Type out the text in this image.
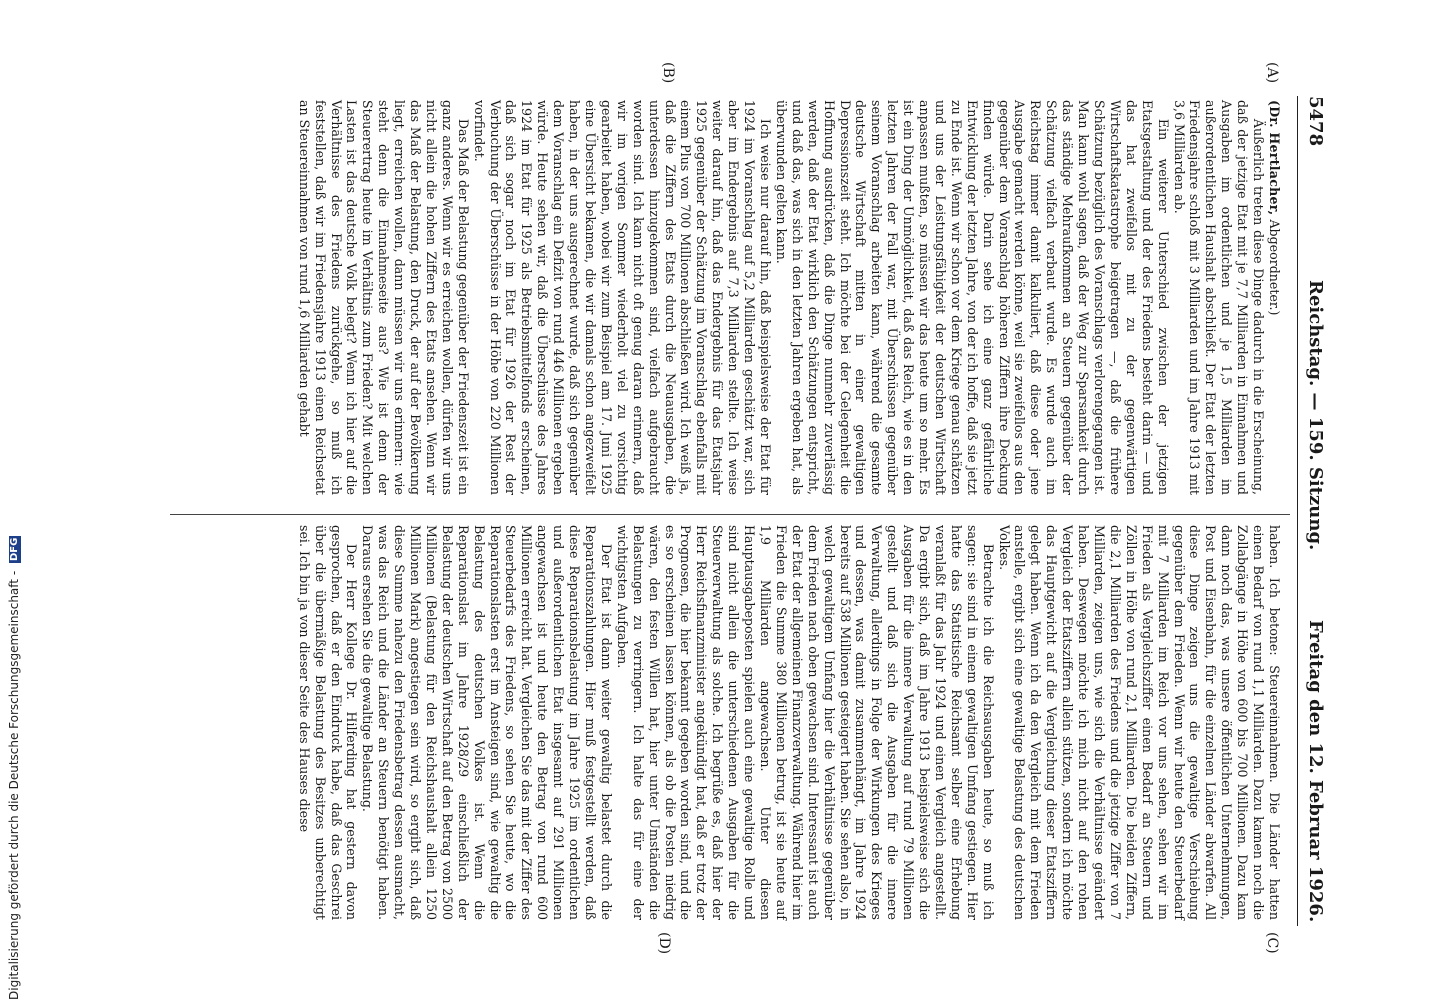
5478
Reichstag. — 159. Sitzung.
Freitag den 12. Februar 1926.
(A)
(B)
(C)
(D)

(Dr. Hertlacher, Abgeordneter.)

Äußerlich treten diese Dinge dadurch in die Erscheinung, daß der jetzige Etat mit je 7,7 Milliarden in Einnahmen und Ausgaben im ordentlichen und je 1,5 Milliarden im außerordentlichen Haushalt abschließt. Der Etat der letzten Friedensjahre schloß mit 3 Milliarden und im Jahre 1913 mit 3,6 Milliarden ab.

Ein weiterer Unterschied zwischen der jetzigen Etatsgestaltung und der des Friedens besteht darin — und das hat zweifellos mit zu der gegenwärtigen Wirtschaftskatastrophe beigetragen —, daß die frühere Schätzung bezüglich des Voranschlags verlorengegangen ist. Man kann wohl sagen, daß der Weg zur Sparsamkeit durch das ständige Mehraufkommen an Steuern gegenüber der Schätzung vielfach verbaut wurde. Es wurde auch im Reichstag immer damit kalkuliert, daß diese oder jene Ausgabe gemacht werden könne, weil sie zweifellos aus den gegenüber dem Voranschlag höheren Ziffern ihre Deckung finden würde. Darin sehe ich eine ganz gefährliche Entwicklung der letzten Jahre, von der ich hoffe, daß sie jetzt zu Ende ist. Wenn wir schon vor dem Kriege genau schätzen und uns der Leistungsfähigkeit der deutschen Wirtschaft anpassen mußten, so müssen wir das heute um so mehr. Es ist ein Ding der Unmöglichkeit, daß das Reich, wie es in den letzten Jahren der Fall war, mit Überschüssen gegenüber seinem Voranschlag arbeiten kann, während die gesamte deutsche Wirtschaft mitten in einer gewaltigen Depressionszeit steht. Ich möchte bei der Gelegenheit die Hoffnung ausdrücken, daß die Dinge nunmehr zuverlässig werden, daß der Etat wirklich den Schätzungen entspricht, und daß das, was sich in den letzten Jahren ergeben hat, als überwunden gelten kann.

Ich weise nur darauf hin, daß beispielsweise der Etat für 1924 im Voranschlag auf 5,2 Milliarden geschätzt war, sich aber im Endergebnis auf 7,3 Milliarden stellte. Ich weise weiter darauf hin, daß das Endergebnis für das Etatsjahr 1925 gegenüber der Schätzung im Voranschlag ebenfalls mit einem Plus von 700 Millionen abschließen wird. Ich weiß ja, daß die Ziffern des Etats durch die Neuausgaben, die unterdessen hinzugekommen sind, vielfach aufgebraucht worden sind. Ich kann nicht oft genug daran erinnern, daß wir im vorigen Sommer wiederholt viel zu vorsichtig gearbeitet haben, wobei wir zum Beispiel am 17. Juni 1925 eine Übersicht bekamen, die wir damals schon angezweifelt haben, in der uns ausgerechnet wurde, daß sich gegenüber dem Voranschlag ein Defizit von rund 446 Millionen ergeben würde. Heute sehen wir, daß die Überschüsse des Jahres 1924 im Etat für 1925 als Betriebsmittelfonds erscheinen, daß sich sogar noch im Etat für 1926 der Rest der Verbuchung der Überschüsse in der Höhe von 220 Millionen vorfindet.

Das Maß der Belastung gegenüber der Friedenszeit ist ein ganz anderes. Wenn wir es erreichen wollen, dürfen wir uns nicht allein die hohen Ziffern des Etats ansehen. Wenn wir das Maß der Belastung, den Druck, der auf der Bevölkerung liegt, erreichen wollen, dann müssen wir uns erinnern: wie steht denn die Einnahmeseite aus? Wie ist denn der Steuerertrag heute im Verhältnis zum Frieden? Mit welchen Lasten ist das deutsche Volk belegt? Wenn ich hier auf die Verhältnisse des Friedens zurückgehe, so muß ich feststellen, daß wir im Friedensjahre 1913 einen Reichsetat an Steuereinnahmen von rund 1,6 Milliarden gehabt

haben. Ich betone: Steuereinnahmen. Die Länder hatten einen Bedarf von rund 1,1 Milliarden. Dazu kamen noch die Zollabgänge in Höhe von 600 bis 700 Millionen. Dazu kam dann noch das, was unsere öffentlichen Unternehmungen, Post und Eisenbahn, für die einzelnen Länder abwarfen. All diese Dinge zeigen uns die gewaltige Verschiebung gegenüber dem Frieden. Wenn wir heute den Steuerbedarf mit 7 Milliarden im Reich vor uns sehen, sehen wir im Frieden als Vergleichsziffer einen Bedarf an Steuern und Zöllen in Höhe von rund 2,1 Milliarden. Die beiden Ziffern, die 2,1 Milliarden des Friedens und die jetzige Ziffer von 7 Milliarden, zeigen uns, wie sich die Verhältnisse geändert haben. Deswegen möchte ich mich nicht auf den rohen Vergleich der Etatsziffern allein stützen, sondern ich möchte das Hauptgewicht auf die Vergleichung dieser Etatsziffern gelegt haben. Wenn ich da den Vergleich mit dem Frieden anstelle, ergibt sich eine gewaltige Belastung des deutschen Volkes.

Betrachte ich die Reichsausgaben heute, so muß ich sagen: sie sind in einem gewaltigen Umfang gestiegen. Hier hatte das Statistische Reichsamt selber eine Erhebung veranlaßt für das Jahr 1924 und einen Vergleich angestellt. Da ergibt sich, daß im Jahre 1913 beispielsweise sich die Ausgaben für die innere Verwaltung auf rund 79 Millionen gestellt und daß sich die Ausgaben für die innere Verwaltung, allerdings in Folge der Wirkungen des Krieges und dessen, was damit zusammenhängt, im Jahre 1924 bereits auf 538 Millionen gesteigert haben. Sie sehen also, in welch gewaltigem Umfang hier die Verhältnisse gegenüber dem Frieden nach oben gewachsen sind. Interessant ist auch der Etat der allgemeinen Finanzverwaltung. Während hier im Frieden die Summe 380 Millionen betrug, ist sie heute auf 1,9 Milliarden angewachsen. Unter diesen Hauptausgabeposten spielen auch eine gewaltige Rolle und sind nicht allein die unterschiedenen Ausgaben für die Steuerverwaltung als solche. Ich begrüße es, daß hier der Herr Reichsfinanzminister angekündigt hat, daß er trotz der Prognosen, die hier bekannt gegeben worden sind, und die es so erscheinen lassen können, als ob die Posten niedrig wären, den festen Willen hat, hier unter Umständen die Belastungen zu verringern. Ich halte das für eine der wichtigsten Aufgaben.

Der Etat ist dann weiter gewaltig belastet durch die Reparationszahlungen. Hier muß festgestellt werden, daß diese Reparationsbelastung im Jahre 1925 im ordentlichen und außerordentlichen Etat insgesamt auf 291 Millionen angewachsen ist und heute den Betrag von rund 600 Millionen erreicht hat. Vergleichen Sie das mit der Ziffer des Steuerbedarfs des Friedens, so sehen Sie heute, wo die Reparationslasten erst im Ansteigen sind, wie gewaltig die Belastung des deutschen Volkes ist. Wenn die Reparationslast im Jahre 1928/29 einschließlich der Belastung der deutschen Wirtschaft auf den Betrag von 2500 Millionen (Belastung für den Reichshaushalt allein 1250 Millionen Mark) angestiegen sein wird, so ergibt sich, daß diese Summe nahezu den Friedensbetrag dessen ausmacht, was das Reich und die Länder an Steuern benötigt haben. Daraus ersehen Sie die gewaltige Belastung.

Der Herr Kollege Dr. Hilferding hat gestern davon gesprochen, daß er den Eindruck habe, daß das Geschrei über die übermäßige Belastung des Besitzes unberechtigt sei. Ich bin ja von dieser Seite des Hauses diese

Digitalisierung gefördert durch die Deutsche Forschungsgemeinschaft - DFG
